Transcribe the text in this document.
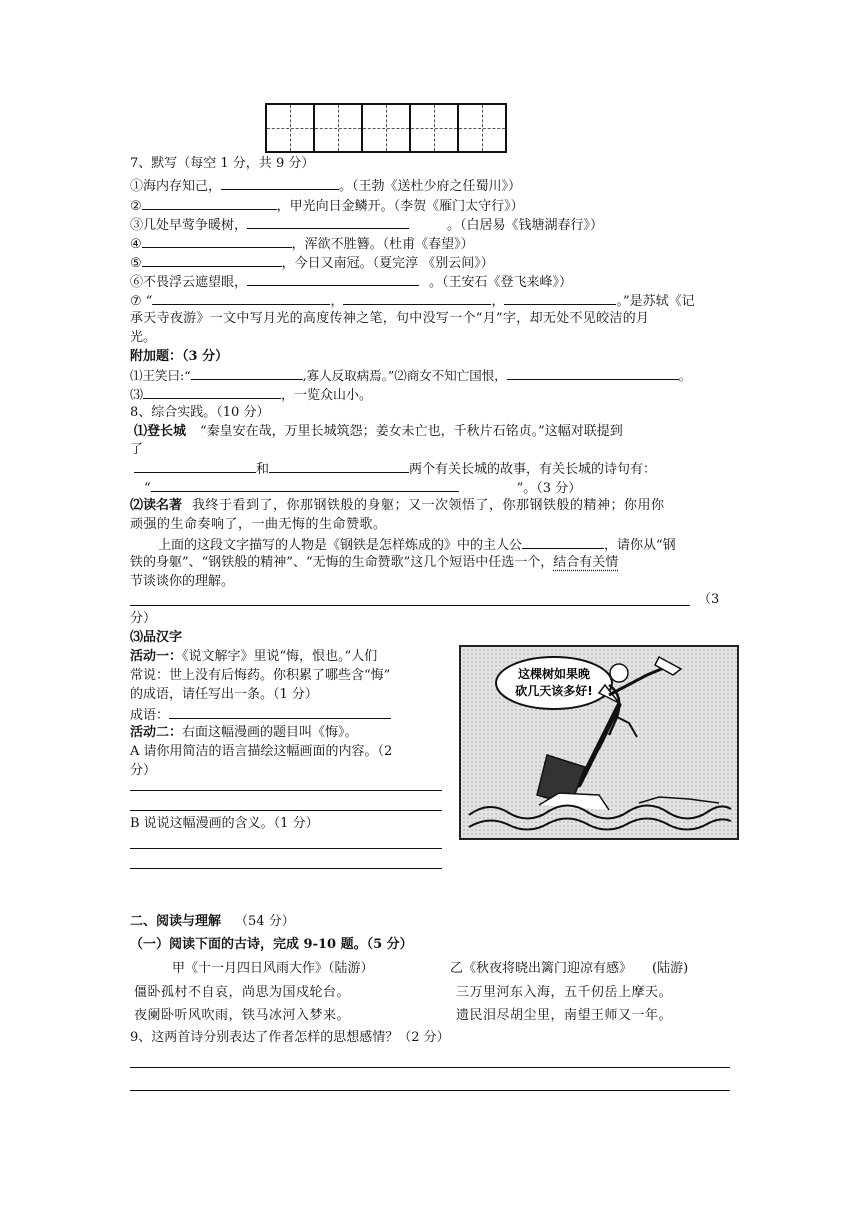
7、默写（每空 1 分，共 9 分）
①海内存知己，	。（王勃《送杜少府之任蜀川》）
②	，甲光向日金鳞开。（李贺《雁门太守行》）
③几处早莺争暖树，	。（白居易《钱塘湖春行》）
④	，浑欲不胜簪。（杜甫《春望》）
⑤	，今日又南冠。（夏完淳 《别云间》）
⑥不畏浮云遮望眼，	。（王安石《登飞来峰》）
⑦ “	，	，	。”是苏轼《记
承天寺夜游》一文中写月光的高度传神之笔，句中没写一个“月”字，却无处不见皎洁的月
光。
附加题：（3 分）
⑴王笑曰:“	,寡人反取病焉。”⑵商女不知亡国恨，	。
⑶	，一览众山小。
8、综合实践。（10 分）
⑴登长城 “秦皇安在哉，万里长城筑怨；姜女未亡也，千秋片石铭贞。”这幅对联提到
了
和	两个有关长城的故事，有关长城的诗句有：
“	”。（3 分）
⑵读名著 我终于看到了，你那钢铁般的身躯；又一次领悟了，你那钢铁般的精神；你用你
顽强的生命奏响了，一曲无悔的生命赞歌。
上面的这段文字描写的人物是《钢铁是怎样炼成的》中的主人公	，请你从“钢
铁的身躯”、“钢铁般的精神”、“无悔的生命赞歌”这几个短语中任选一个，结合有关情
节谈谈你的理解。
（3
分）
⑶品汉字
活动一：《说文解字》里说“悔，恨也。”人们
常说：世上没有后悔药。你积累了哪些含“悔”
的成语，请任写出一条。（1 分）
成语：
活动二：右面这幅漫画的题目叫《悔》。
A 请你用简洁的语言描绘这幅画面的内容。（2
分）
B 说说这幅漫画的含义。（1 分）
这棵树如果晚
砍几天该多好!
二、阅读与理解 （54 分）
（一）阅读下面的古诗，完成 9-10 题。（5 分）
甲《十一月四日风雨大作》（陆游）
僵卧孤村不自哀，尚思为国戍轮台。
夜阑卧听风吹雨，铁马冰河入梦来。
乙《秋夜将晓出篱门迎凉有感》 (陆游)
三万里河东入海，五千仞岳上摩天。
遗民泪尽胡尘里，南望王师又一年。
9、这两首诗分别表达了作者怎样的思想感情？（2 分）
